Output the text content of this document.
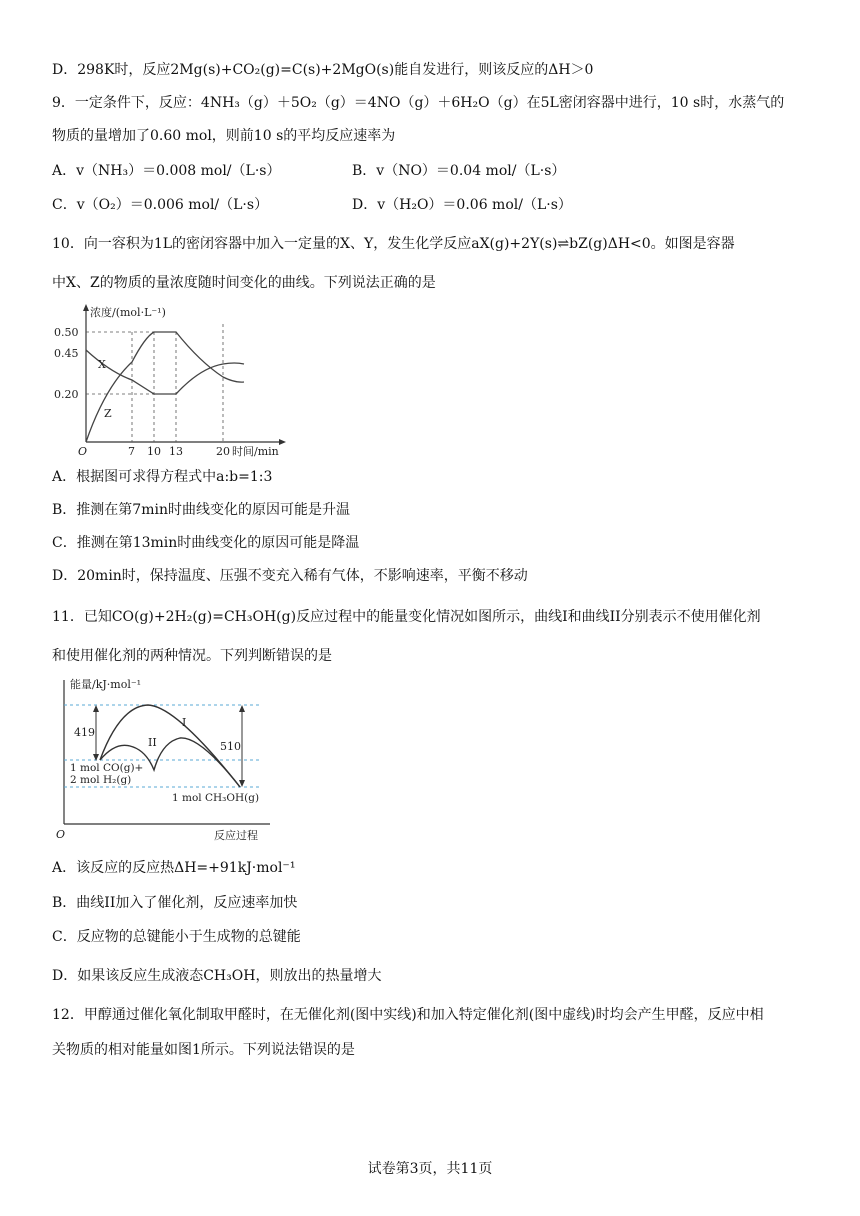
D．298K时，反应2Mg(s)+CO₂(g)=C(s)+2MgO(s)能自发进行，则该反应的ΔH＞0
9．一定条件下，反应：4NH₃（g）＋5O₂（g）＝4NO（g）＋6H₂O（g）在5L密闭容器中进行，10 s时，水蒸气的
物质的量增加了0.60 mol，则前10 s的平均反应速率为
A．v（NH₃）＝0.008 mol/（L·s）	B．v（NO）＝0.04 mol/（L·s）
C．v（O₂）＝0.006 mol/（L·s）	D．v（H₂O）＝0.06 mol/（L·s）
10．向一容积为1L的密闭容器中加入一定量的X、Y，发生化学反应aX(g)+2Y(s)⇌bZ(g)ΔH<0。如图是容器
中X、Z的物质的量浓度随时间变化的曲线。下列说法正确的是
浓度/(mol·L⁻¹)
0.50
0.45
0.20
O	7 10 13	20 时间/min
X
Z
A．根据图可求得方程式中a:b=1:3
B．推测在第7min时曲线变化的原因可能是升温
C．推测在第13min时曲线变化的原因可能是降温
D．20min时，保持温度、压强不变充入稀有气体，不影响速率，平衡不移动
11．已知CO(g)+2H₂(g)=CH₃OH(g)反应过程中的能量变化情况如图所示，曲线I和曲线II分别表示不使用催化剂
和使用催化剂的两种情况。下列判断错误的是
能量/kJ·mol⁻¹
419
510
I
II
1 mol CO(g)+
2 mol H₂(g)
1 mol CH₃OH(g)
O	反应过程
A．该反应的反应热ΔH=+91kJ·mol⁻¹
B．曲线II加入了催化剂，反应速率加快
C．反应物的总键能小于生成物的总键能
D．如果该反应生成液态CH₃OH，则放出的热量增大
12．甲醇通过催化氧化制取甲醛时，在无催化剂(图中实线)和加入特定催化剂(图中虚线)时均会产生甲醛，反应中相
关物质的相对能量如图1所示。下列说法错误的是
试卷第3页，共11页
